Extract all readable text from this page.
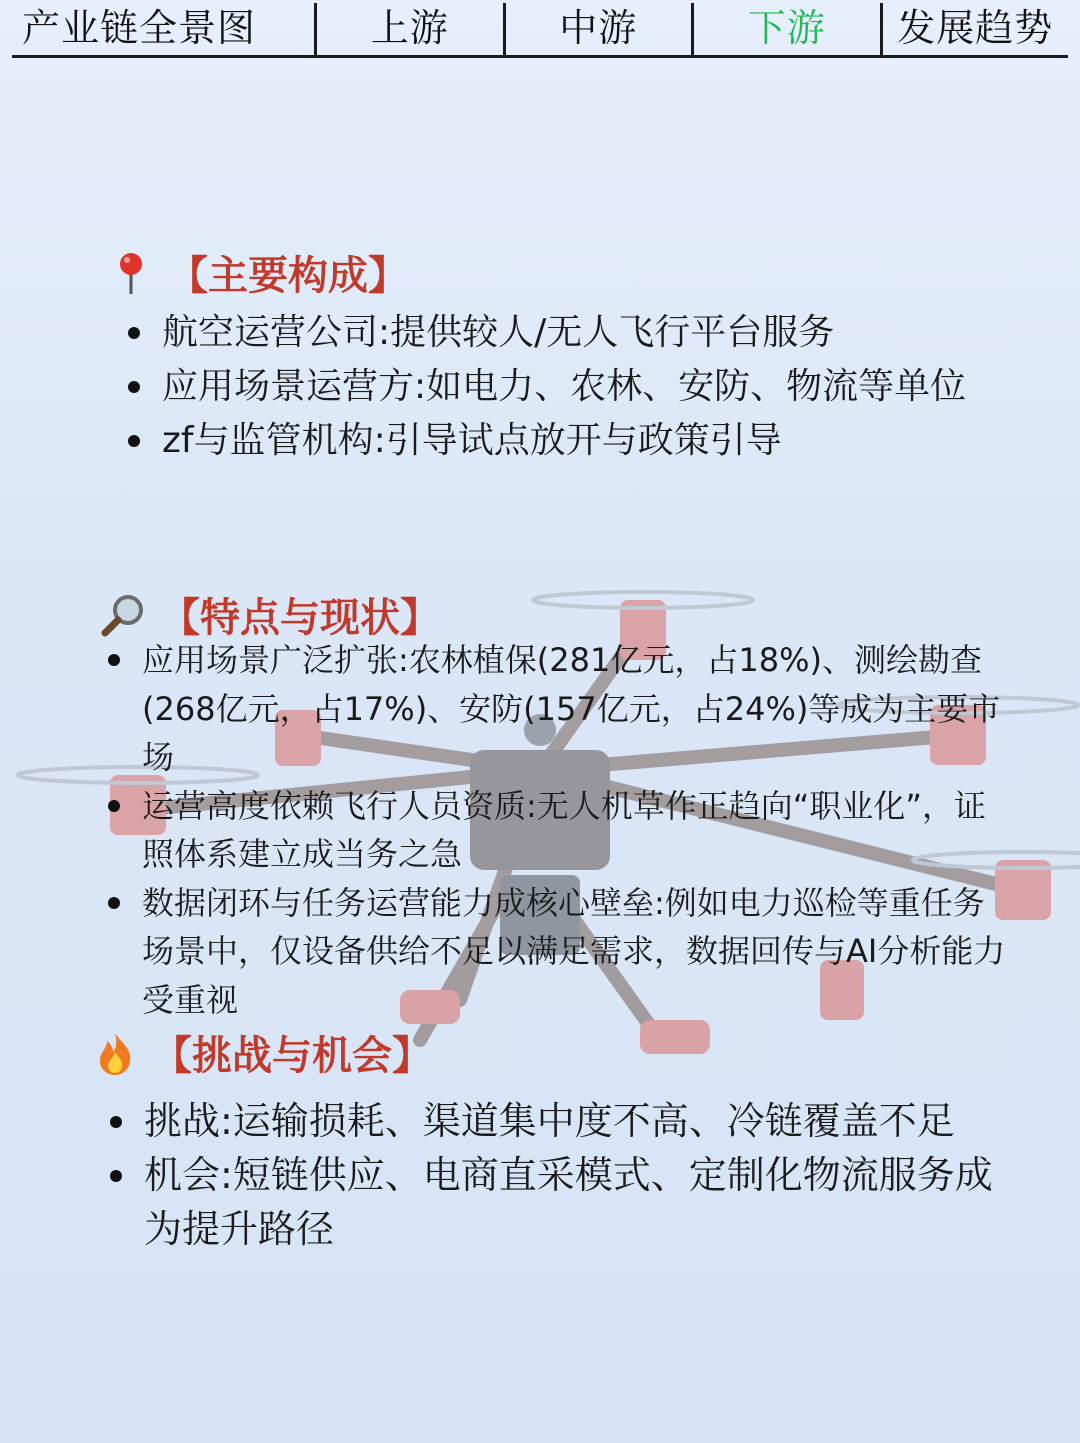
产业链全景图	上游	中游	下游	发展趋势
【主要构成】
航空运营公司:提供较人/无人飞行平台服务
应用场景运营方:如电力、农林、安防、物流等单位
zf与监管机构:引导试点放开与政策引导
【特点与现状】
应用场景广泛扩张:农林植保(281亿元，占18%)、测绘勘查(268亿元，占17%)、安防(157亿元，占24%)等成为主要市场
运营高度依赖飞行人员资质:无人机草作正趋向“职业化”，证照体系建立成当务之急
数据闭环与任务运营能力成核心壁垒:例如电力巡检等重任务场景中，仅设备供给不足以满足需求，数据回传与AI分析能力受重视
【挑战与机会】
挑战:运输损耗、渠道集中度不高、冷链覆盖不足
机会:短链供应、电商直采模式、定制化物流服务成为提升路径
